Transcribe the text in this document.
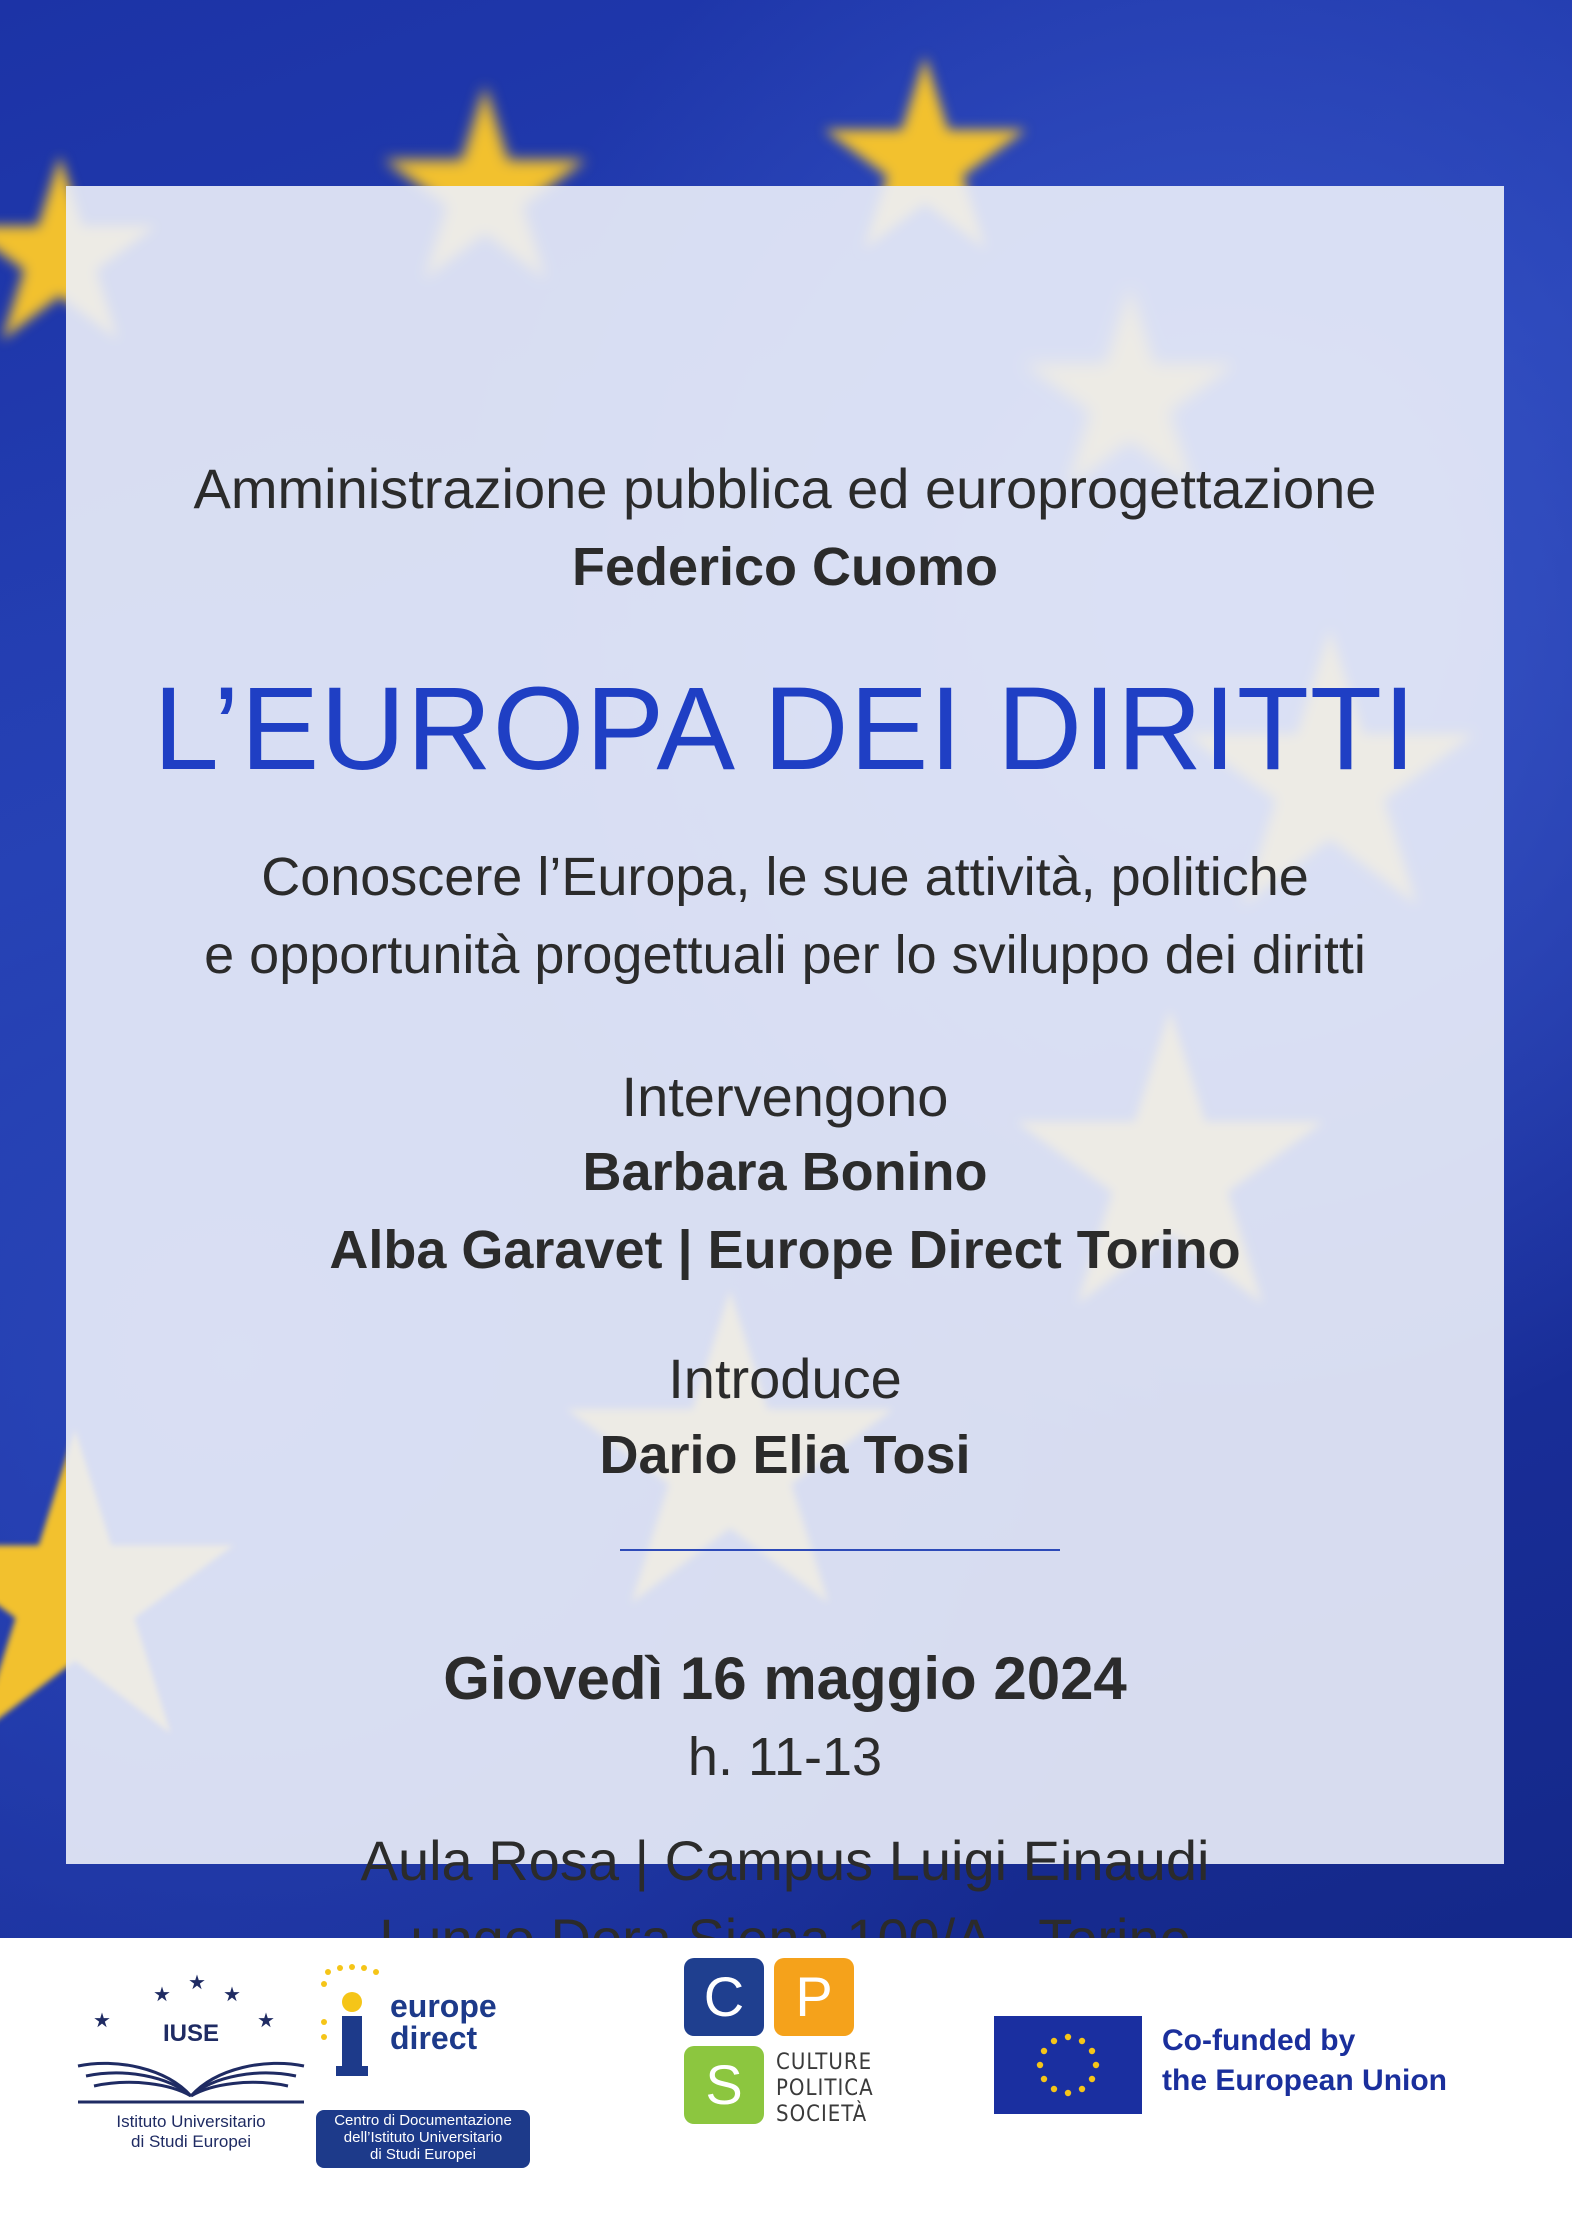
Amministrazione pubblica ed europrogettazione
Federico Cuomo
L’EUROPA DEI DIRITTI
Conoscere l’Europa, le sue attività, politiche
e opportunità progettuali per lo sviluppo dei diritti
Intervengono
Barbara Bonino
Alba Garavet | Europe Direct Torino
Introduce
Dario Elia Tosi
Giovedì 16 maggio 2024
h. 11-13
Aula Rosa | Campus Luigi Einaudi
IUSE
Istituto Universitario
di Studi Europei
europe
direct
Centro di Documentazione
dell’Istituto Universitario
di Studi Europei
C P
S	CULTURE
POLITICA
SOCIETÀ
Co-funded by
the European Union
